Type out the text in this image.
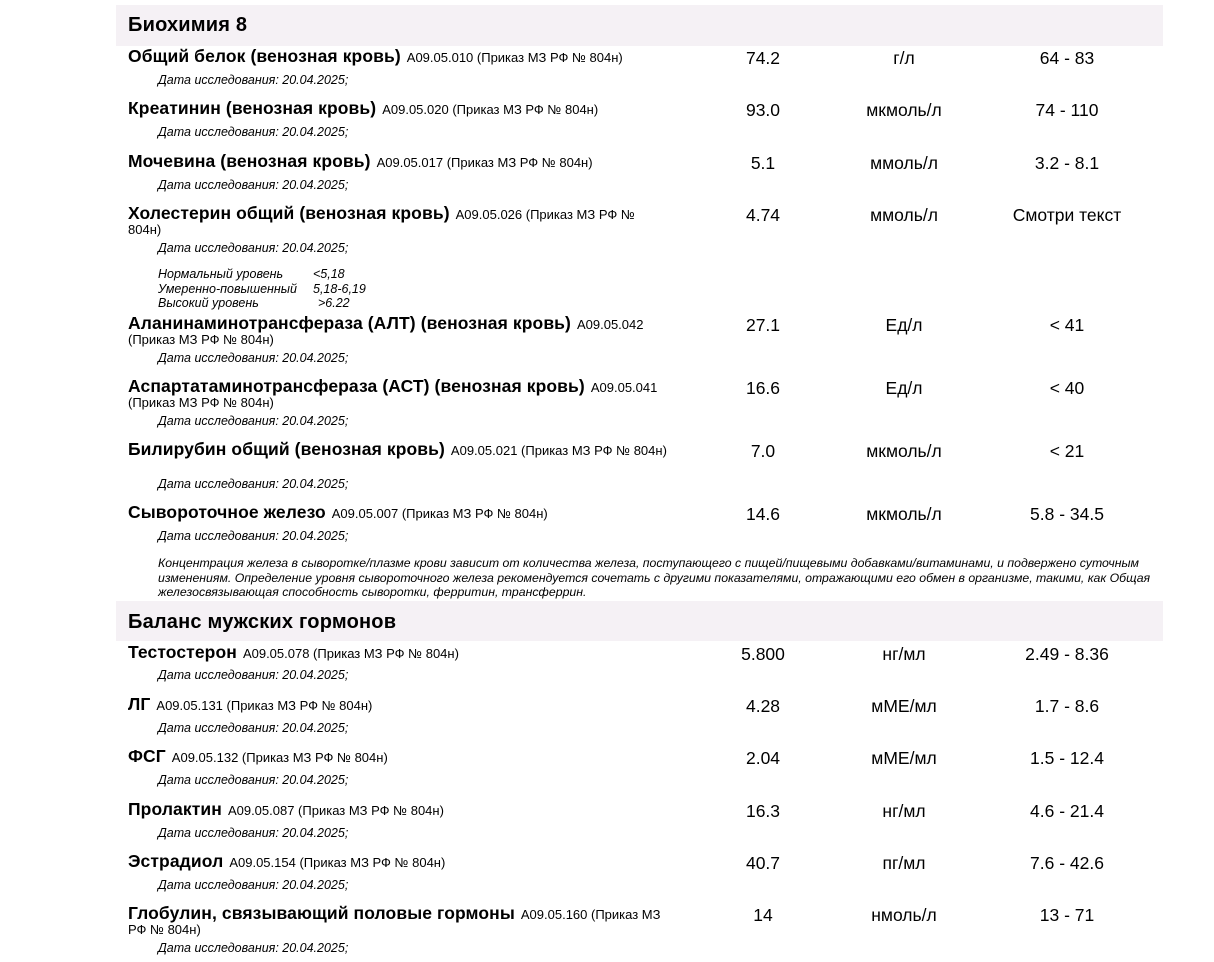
Биохимия 8
Общий белок (венозная кровь) A09.05.010 (Приказ МЗ РФ № 804н)	74.2	г/л	64 - 83
Дата исследования: 20.04.2025;
Креатинин (венозная кровь) A09.05.020 (Приказ МЗ РФ № 804н)	93.0	мкмоль/л	74 - 110
Дата исследования: 20.04.2025;
Мочевина (венозная кровь) A09.05.017 (Приказ МЗ РФ № 804н)	5.1	ммоль/л	3.2 - 8.1
Дата исследования: 20.04.2025;
Холестерин общий (венозная кровь) A09.05.026 (Приказ МЗ РФ № 804н)
4.74	ммоль/л	Смотри текст
Дата исследования: 20.04.2025;
Нормальный уровень <5,18
Умеренно-повышенный 5,18-6,19
Высокий уровень	>6.22
Аланинаминотрансфераза (АЛТ) (венозная кровь) A09.05.042 (Приказ МЗ РФ № 804н)
27.1	Ед/л	< 41
Дата исследования: 20.04.2025;
Аспартатаминотрансфераза (АСТ) (венозная кровь) A09.05.041 (Приказ МЗ РФ № 804н)
16.6	Ед/л	< 40
Дата исследования: 20.04.2025;
Билирубин общий (венозная кровь) A09.05.021 (Приказ МЗ РФ № 804н)	7.0	мкмоль/л	< 21
Дата исследования: 20.04.2025;
Сывороточное железо A09.05.007 (Приказ МЗ РФ № 804н)	14.6	мкмоль/л	5.8 - 34.5
Дата исследования: 20.04.2025;
Концентрация железа в сыворотке/плазме крови зависит от количества железа, поступающего с пищей/пищевыми добавками/витаминами, и подвержено суточным изменениям. Определение уровня сывороточного железа рекомендуется сочетать с другими показателями, отражающими его обмен в организме, такими, как Общая железосвязывающая способность сыворотки, ферритин, трансферрин.
Баланс мужских гормонов
Тестостерон A09.05.078 (Приказ МЗ РФ № 804н)	5.800	нг/мл	2.49 - 8.36
Дата исследования: 20.04.2025;
ЛГ A09.05.131 (Приказ МЗ РФ № 804н)	4.28	мМЕ/мл	1.7 - 8.6
Дата исследования: 20.04.2025;
ФСГ A09.05.132 (Приказ МЗ РФ № 804н)	2.04	мМЕ/мл	1.5 - 12.4
Дата исследования: 20.04.2025;
Пролактин A09.05.087 (Приказ МЗ РФ № 804н)	16.3	нг/мл	4.6 - 21.4
Дата исследования: 20.04.2025;
Эстрадиол A09.05.154 (Приказ МЗ РФ № 804н)	40.7	пг/мл	7.6 - 42.6
Дата исследования: 20.04.2025;
Глобулин, связывающий половые гормоны A09.05.160 (Приказ МЗ РФ № 804н)
14	нмоль/л	13 - 71
Дата исследования: 20.04.2025;
